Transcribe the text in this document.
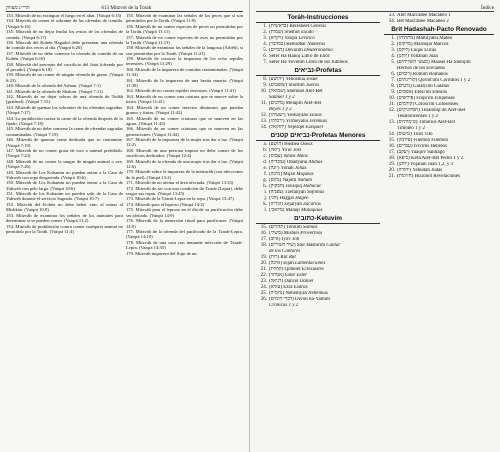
תרי״ג מצוות	613 Mitzvot de la Torah

133. Mitzváh de no extinguir el fuego en el altar. (Vaiqrá 6:13)

134. Mitzváh de comer el sobrante de las ofrendas de comida. (Vaiqrá 6:16)

135. Mitzváh de no dejar leudar los restos de las ofrendas de comida. (Vaiqrá 6:17)

136. Mitzváh del Kohén Hagadol debe presentar una ofrenda de comida dos veces al día. (Vaiqrá 6:20)

137. Mitzváh de no debe comerse la ofrenda de comida de un Kohén. (Vaiqrá 6:16)

138. Mitzváh del precepto del sacrificio del Jatat (ofrenda por el pecado). (Vaiqrá 6:18)

139. Mitzváh de no comer de ningún ofrenda de grano. (Vaiqrá 6:23)

140. Mitzváh de la ofrenda del Asham. (Vaiqrá 7:1)

141. Mitzváh de la ofrenda de Shalom. (Vaiqrá 7:11)

142. Mitzváh de no dejar sobras de una ofrenda de Todáh (gratitud). (Vaiqrá 7:15)

143. Mitzváh de quemar los sobrantes de las ofrendas sagradas. (Vaiqrá 7:17)

144. La prohibición contra la carne de la ofrenda después de lo fijado. (Vaiqrá 7:18)

145. Mitzváh de no debe comerse la carne de ofrendas sagradas contaminadas. (Vaiqrá 7:19)

146. Mitzváh de quemar carne dedicada que se contamine. (Vaiqrá 7:19)

147. Mitzváh de no comer grasa de toro o animal prohibido. (Vaiqrá 7:23)

148. Mitzváh de no comer la sangre de ningún animal o ave. (Vaiqrá 7:26)

149. Mitzváh de Los Kohanim no pueden entrar a la Casa de Yahweh con ropa desgarrada. (Vaiqrá 10:6)

150. Mitzváh de Los Kohanim no pueden entrar a la Casa de Yahweh con pelo largo. (Vaiqrá 10:6)

151. Mitzváh de los Kohanim no pueden salir de la Casa de Yahweh durante el servicio Sagrado. (Vaiqrá 10:7)

152. Mitzváh del Kohén no debe beber vino al entrar al Mishkán. (Vaiqrá 10:9)

153. Mitzváh de examinar los señales de los animales para determinar si se pueden comer. (Vaiqrá 11:2)

154. Mitzváh de prohibición contra comer cualquier animal no permitido por la Toráh. (Vaiqrá 11:4)

155. Mitzváh de examinar las señales de los peces que sí son permitidos por la Toráh. (Vaiqrá 11:9)

156. Mitzváh de no comer especies de peces no permitidas por la Toráh. (Vaiqrá 11:11)

157. Mitzváh de no comer especies de aves no permitidas por la Toráh. (Vaiqrá 11:13)

158. Mitzváh de examinar las señales de la langosta (Arbéh), si son permitidas por la Toráh. (Vaiqrá 11:21)

159. Mitzváh de conocer la impureza de los ocho reptiles terrestres. (Vaiqrá 11:29)

160. Mitzváh de la impureza de comidas contaminadas. (Vaiqrá 11:34)

161. Mitzváh de la impureza de una bestia muerta. (Vaiqrá 11:39)

162. Mitzváh de no comer reptiles terrestres. (Vaiqrá 11:41)

163. Mitzváh de no comer una criatura que se mueve sobre la tierra. (Vaiqrá 11:41)

164. Mitzváh de no comer insectos diminutos que puedan granos y frutas. (Vaiqrá 11:42)

165. Mitzváh de no comer criaturas que se mueven en las aguas. (Vaiqrá 11:43)

166. Mitzváh de no comer criaturas que se mueven en las generaciones. (Vaiqrá 11:44)

167. Mitzváh de la impureza de la mujer tras dar a luz. (Vaiqrá 12:2)

168. Mitzváh de una persona impura no debe comer de los sacrificios dedicados. (Vaiqrá 12:4)

169. Mitzváh de la ofrenda de una mujer tras dar a luz. (Vaiqrá 12:6)

170. Mitzváh sobre la impureza de la metzoráh (con afecciones de la piel). (Vaiqrá 13:2)

171. Mitzváh de no afeitar el área afectada. (Vaiqrá 13:33)

172. Mitzváh de ser con una condición de Tzarát (Lepra), debe rasgar sus ropas. (Vaiqrá 13:45)

173. Mitzváh de la Tzarát-Lepra en la ropa. (Vaiqrá 13:47)

174. Mitzváh para el leproso (Vaiqrá 14:2)

175. Mitzváh para el leproso en el día de su purificación debe ser afeitado. (Vaiqrá 14:9)

176. Mitzváh de la inmersión ritual para purificarse. (Vaiqrá 14:9)

177. Mitzváh de la ofrenda del purificado de la Tzarát-Lepra. (Vaiqrá 14:10)

178. Mitzváh de una casa con inmunda infección de Tzarát-Lepra. (Vaiqrá 14:35)

179. Mitzváh impureza del flujo de un

Índice
Toráh-Instrucciones
1. (בראשית) Beresheet Génesis
2. (שמות) Shemot Éxodo
3. (ויקרא) Vaiqrá Levítico
4. (במדבר) Bemidbar Números
5. (דברים) Devarim Deuteronomio
6. Sefer Ha Hanoj Libro de Enoc
7. Sefer Ha Yovelim Libro de los Jubileos
נביאים-Profetas
8. (יהושע) Yehoshúa Josué
9. (שופטים) Shoftím Jueces
10. (שמואל) Shemuel Alef-Bet
Samuel 1 y 2
11. (מלכים) Melajím Alef-Bet
Reyes 1 y 2
12. (ישעיהו) Yeshayahu Isaías
13. (ירמיהו) Yirmeyahu Jeremías
14. (יחזקאל) Yejezqel Ezequiel
נביאים קטנים-Profetas Menores
a. (הושע) Hoshea Oseas
b. (יואל) Yo'el Joel
c. (עמוס) Amós Amós
d. (עובדיה) Obadyahu Abdías
e. (יונה) Yonáh Jonás
f. (מיכה) Mijáh Miqueas
g. (נחום) Najúm Nahúm
h. (חבקוק) Javaquq Habacuc
i. (צפניה) Tzefanyáh Sofonías
j. (חגי) Haggai Hageo
k. (זכריה) Zejaryah Zacarías
l. (מלאכי) Malaqi Malaquías
כתובים-Ketuvím
15. (תהלים) Tehilím Salmos
16. (משלי) Mishlei Proverbios
17. (איוב) Iyov Job
18. (שיר השירים) Shir Hashirím Cantar
de los Cantares
19. (רות) Rút Rut
20. (איכה) Eijáh Lamentaciones
21. (קהלת) Qohelet Eclesiastés
22. (אסתר) Ester Ester
23. (דניאל) Dani'el Daniel
24. (עזרא) Ezrá Esdras
25. (נחמיה) Nehemyah Nehemías
26. (דברי הימים) Divrei ha-Yamim
Crónicas 1 y 2
33. Alef Maccabee Macabeo 1
34. Bet Maccabee Macabeo 2
Brit Hadashah-Pacto Renovado
1. (מתתיהו) Mattityahu Mateo
2. (מרקוס) Mardojai Marcos
3. (לוקס) Luqas Lucas
4. (יוחנן) Yohanán Juan
5. (מעשי השליחים) Maasei Ha Shelijim
Hechos de los Enviados
6. (רומים) Romim Romanos
7. (קורינתים) Qorint'imi Corintios 1 y 2
8. (גלטים) Galati'imi Gálatas
9. (אפסים) Efesi'im Efesios
10. (פיליפים) Filipi'im Filipenses
11. (קולסים) Colosi'im Colosenses
12. (תסלוניקים) Tesalonqi'im Alef-Bet
Tesalonicenses 1 y 2
13. (טימותיוס) Timotios Alef-Bet
Timoteo 1 y 2
14. (טיטוס) Titos Tito
15. (פילמון) Filemón Filemón
16. (עברים) Ivri'ims Hebreos
17. (יעקב) Yaaqov Santiago
18. (כיפא) Kefa Alef-Bet Pedro 1 y 2
19. (יוחנן) Yojanan Juan 1,2, y 3
20. (יהודה) Yehudáh Judas
21. (חזיונות) Hizionot Revelaciones
